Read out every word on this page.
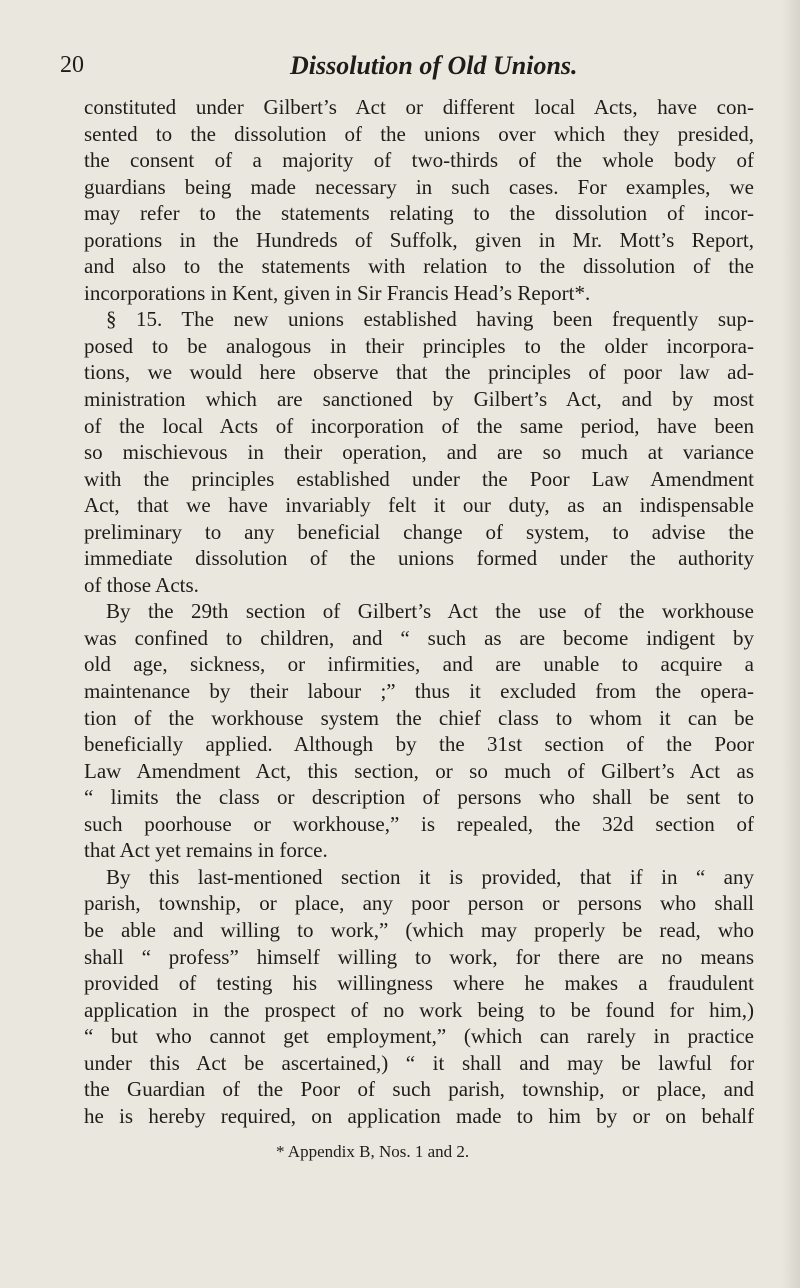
20	Dissolution of Old Unions.
constituted under Gilbert’s Act or different local Acts, have con-
sented to the dissolution of the unions over which they presided,
the consent of a majority of two-thirds of the whole body of
guardians being made necessary in such cases. For examples, we
may refer to the statements relating to the dissolution of incor-
porations in the Hundreds of Suffolk, given in Mr. Mott’s Report,
and also to the statements with relation to the dissolution of the
incorporations in Kent, given in Sir Francis Head’s Report*.
§ 15. The new unions established having been frequently sup-
posed to be analogous in their principles to the older incorpora-
tions, we would here observe that the principles of poor law ad-
ministration which are sanctioned by Gilbert’s Act, and by most
of the local Acts of incorporation of the same period, have been
so mischievous in their operation, and are so much at variance
with the principles established under the Poor Law Amendment
Act, that we have invariably felt it our duty, as an indispensable
preliminary to any beneficial change of system, to advise the
immediate dissolution of the unions formed under the authority
of those Acts.
By the 29th section of Gilbert’s Act the use of the workhouse
was confined to children, and “ such as are become indigent by
old age, sickness, or infirmities, and are unable to acquire a
maintenance by their labour ;” thus it excluded from the opera-
tion of the workhouse system the chief class to whom it can be
beneficially applied. Although by the 31st section of the Poor
Law Amendment Act, this section, or so much of Gilbert’s Act as
“ limits the class or description of persons who shall be sent to
such poorhouse or workhouse,” is repealed, the 32d section of
that Act yet remains in force.
By this last-mentioned section it is provided, that if in “ any
parish, township, or place, any poor person or persons who shall
be able and willing to work,” (which may properly be read, who
shall “ profess” himself willing to work, for there are no means
provided of testing his willingness where he makes a fraudulent
application in the prospect of no work being to be found for him,)
“ but who cannot get employment,” (which can rarely in practice
under this Act be ascertained,) “ it shall and may be lawful for
the Guardian of the Poor of such parish, township, or place, and
he is hereby required, on application made to him by or on behalf
* Appendix B, Nos. 1 and 2.
